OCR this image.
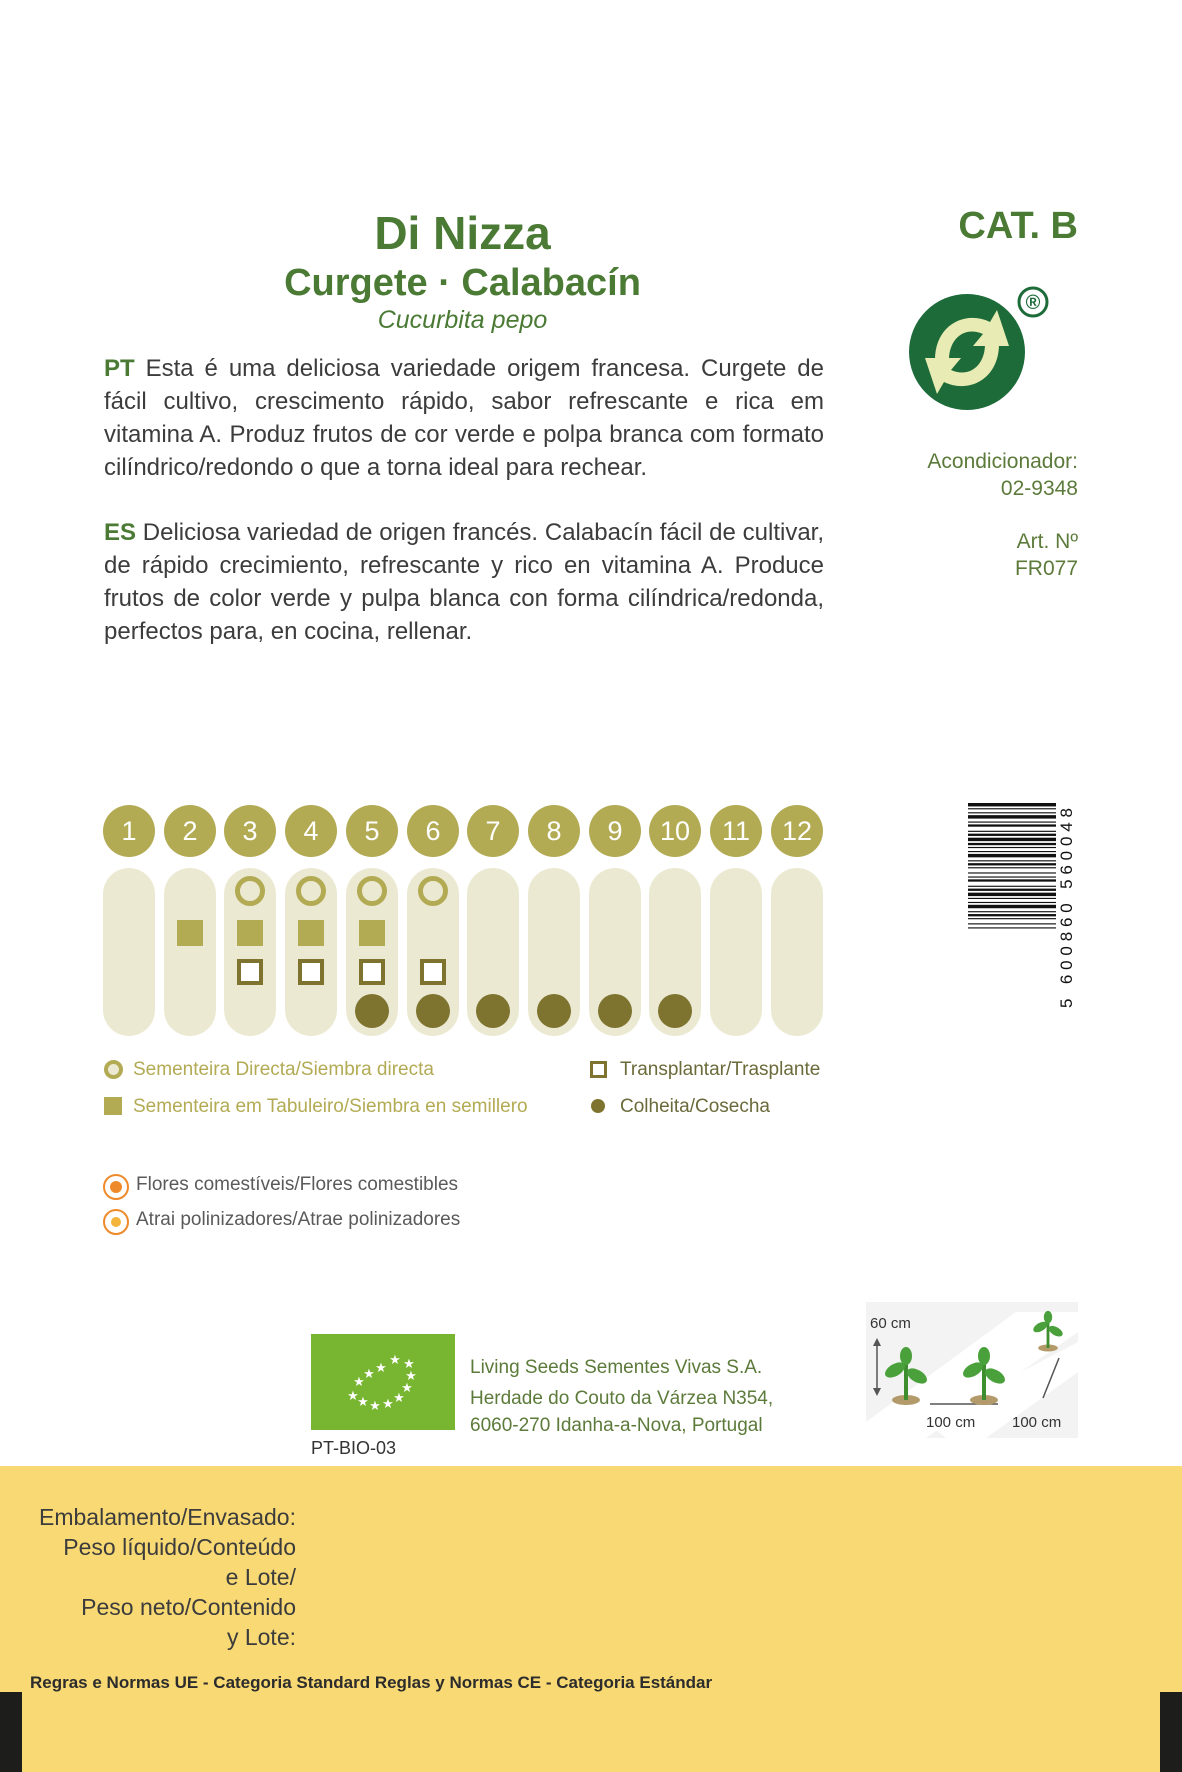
Di Nizza
Curgete · Calabacín
Cucurbita pepo
PT Esta é uma deliciosa variedade origem francesa. Curgete de fácil cultivo, crescimento rápido, sabor refrescante e rica em vitamina A. Produz frutos de cor verde e polpa branca com formato cilíndrico/redondo o que a torna ideal para rechear.
ES Deliciosa variedad de origen francés. Calabacín fácil de cultivar, de rápido crecimiento, refrescante y rico en vitamina A. Produce frutos de color verde y pulpa blanca con forma cilíndrica/redonda, perfectos para, en cocina, rellenar.
CAT. B
®
Acondicionador:
02-9348
Art. Nº
FR077
5 600860 560048
1	2	3	4	5	6	7	8	9	10	11	12
Sementeira Directa/Siembra directa
Sementeira em Tabuleiro/Siembra en semillero
Transplantar/Trasplante
Colheita/Cosecha
Flores comestíveis/Flores comestibles
Atrai polinizadores/Atrae polinizadores
★
★ ★ ★ ★
★
★
★
★
★ ★
★
PT-BIO-03
Living Seeds Sementes Vivas S.A.
Herdade do Couto da Várzea N354,
6060-270 Idanha-a-Nova, Portugal
60 cm
100 cm 100 cm
Embalamento/Envasado:
Peso líquido/Conteúdo
e Lote/
Peso neto/Contenido
y Lote:
Regras e Normas UE - Categoria Standard Reglas y Normas CE - Categoria Estándar
